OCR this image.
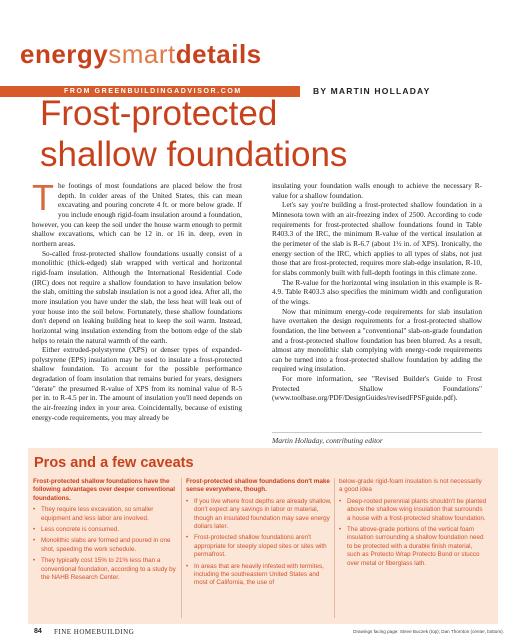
energysmartdetails
FROM GREENBUILDINGADVISOR.COM	BY MARTIN HOLLADAY
Frost-protected
shallow foundations

The footings of most foundations are placed below the frost depth. In colder areas of the United States, this can mean excavating and pouring concrete 4 ft. or more below grade. If you include enough rigid-foam insulation around a foundation, however, you can keep the soil under the house warm enough to permit shallow excavations, which can be 12 in. or 16 in. deep, even in northern areas.

So-called frost-protected shallow foundations usually consist of a monolithic (thick-edged) slab wrapped with vertical and horizontal rigid-foam insulation. Although the International Residential Code (IRC) does not require a shallow foundation to have insulation below the slab, omitting the subslab insulation is not a good idea. After all, the more insulation you have under the slab, the less heat will leak out of your house into the soil below. Fortunately, these shallow foundations don't depend on leaking building heat to keep the soil warm. Instead, horizontal wing insulation extending from the bottom edge of the slab helps to retain the natural warmth of the earth.

Either extruded-polystyrene (XPS) or denser types of expanded-polystyrene (EPS) insulation may be used to insulate a frost-protected shallow foundation. To account for the possible performance degradation of foam insulation that remains buried for years, designers "derate" the presumed R-value of XPS from its nominal value of R-5 per in. to R-4.5 per in. The amount of insulation you'll need depends on the air-freezing index in your area. Coincidentally, because of existing energy-code requirements, you may already be

insulating your foundation walls enough to achieve the necessary R-value for a shallow foundation.

Let's say you're building a frost-protected shallow foundation in a Minnesota town with an air-freezing index of 2500. According to code requirements for frost-protected shallow foundations found in Table R403.3 of the IRC, the minimum R-value of the vertical insulation at the perimeter of the slab is R-6.7 (about 1½ in. of XPS). Ironically, the energy section of the IRC, which applies to all types of slabs, not just those that are frost-protected, requires more slab-edge insulation, R-10, for slabs commonly built with full-depth footings in this climate zone.

The R-value for the horizontal wing insulation in this example is R-4.9. Table R403.3 also specifies the minimum width and configuration of the wings.

Now that minimum energy-code requirements for slab insulation have overtaken the design requirements for a frost-protected shallow foundation, the line between a "conventional" slab-on-grade foundation and a frost-protected shallow foundation has been blurred. As a result, almost any monolithic slab complying with energy-code requirements can be turned into a frost-protected shallow foundation by adding the required wing insulation.

For more information, see "Revised Builder's Guide to Frost Protected Shallow Foundations" (www.toolbase.org/PDF/DesignGuides/revisedFPSFguide.pdf).

Martin Holladay, contributing editor
Pros and a few caveats
Frost-protected shallow foundations have the following advantages over deeper conventional foundations.
• They require less excavation, so smaller equipment and less labor are involved.
• Less concrete is consumed.
• Monolithic slabs are formed and poured in one shot, speeding the work schedule.
• They typically cost 15% to 21% less than a conventional foundation, according to a study by the NAHB Research Center.
Frost-protected shallow foundations don't make sense everywhere, though.
• If you live where frost depths are already shallow, don't expect any savings in labor or material, though an insulated foundation may save energy dollars later.
• Frost-protected shallow foundations aren't appropriate for steeply sloped sites or sites with permafrost.
• In areas that are heavily infested with termites, including the southeastern United States and most of California, the use of
below-grade rigid-foam insulation is not necessarily a good idea
• Deep-rooted perennial plants shouldn't be planted above the shallow wing insulation that surrounds a house with a frost-protected shallow foundation.
• The above-grade portions of the vertical foam insulation surrounding a shallow foundation need to be protected with a durable finish material, such as Protecto Wrap Protecto Bond or stucco over metal or fiberglass lath.
84 FINE HOMEBUILDING	Drawings facing page: Steve Buczek (top); Dan Thornton (center, bottom).
